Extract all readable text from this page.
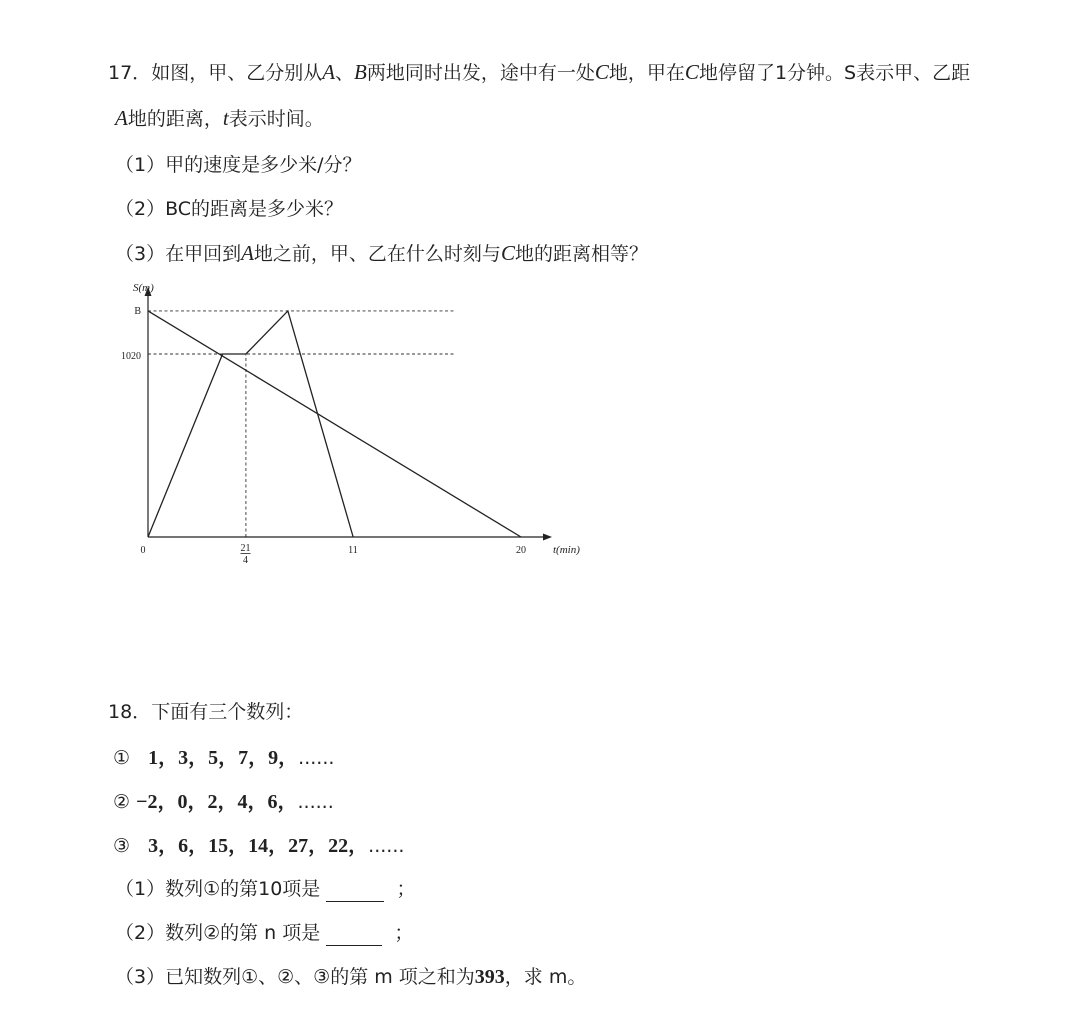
17．如图，甲、乙分别从A、B两地同时出发，途中有一处C地，甲在C地停留了1分钟。S表示甲、乙距
A地的距离，t表示时间。
（1）甲的速度是多少米/分？
（2）BC的距离是多少米？
（3）在甲回到A地之前，甲、乙在什么时刻与C地的距离相等？
S(m)
t(min)
1020
B
0	11	20
21
4
18．下面有三个数列：
① 1，3，5，7，9，......
② −2，0，2，4，6，......
③ 3，6，15，14，27，22，......
（1）数列①的第10项是	；
（2）数列②的第 n 项是	；
（3）已知数列①、②、③的第 m 项之和为393，求 m。
